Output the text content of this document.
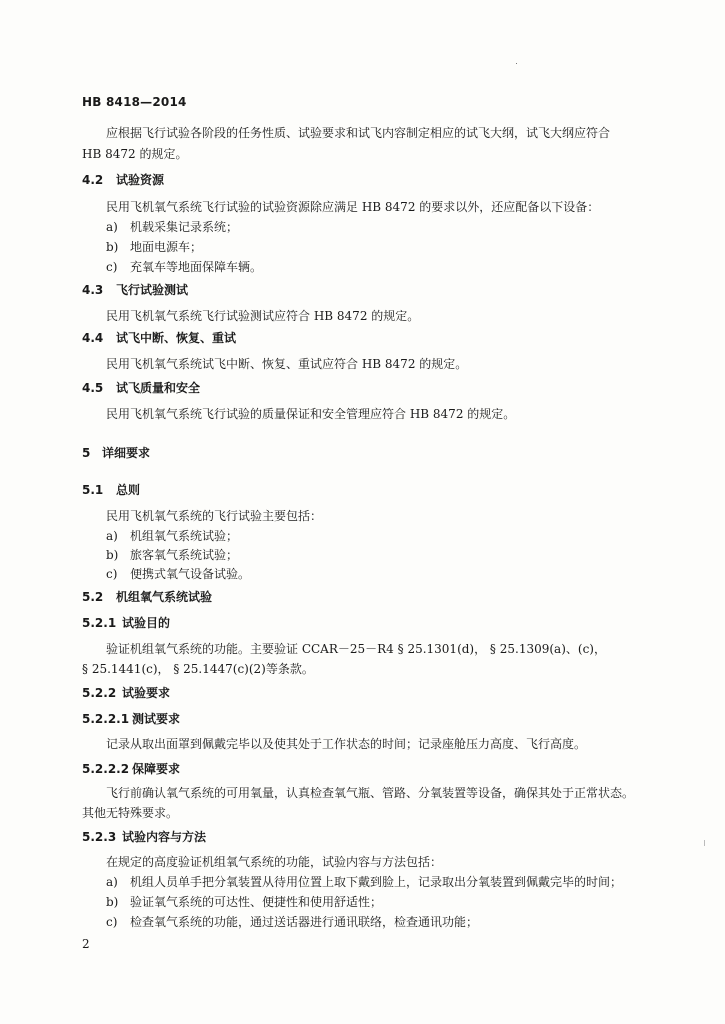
HB 8418—2014
应根据飞行试验各阶段的任务性质、试验要求和试飞内容制定相应的试飞大纲，试飞大纲应符合
HB 8472 的规定。
4.2 试验资源
民用飞机氧气系统飞行试验的试验资源除应满足 HB 8472 的要求以外，还应配备以下设备：
a) 机载采集记录系统；
b) 地面电源车；
c) 充氧车等地面保障车辆。
4.3 飞行试验测试
民用飞机氧气系统飞行试验测试应符合 HB 8472 的规定。
4.4 试飞中断、恢复、重试
民用飞机氧气系统试飞中断、恢复、重试应符合 HB 8472 的规定。
4.5 试飞质量和安全
民用飞机氧气系统飞行试验的质量保证和安全管理应符合 HB 8472 的规定。
5 详细要求
5.1 总则
民用飞机氧气系统的飞行试验主要包括：
a) 机组氧气系统试验；
b) 旅客氧气系统试验；
c) 便携式氧气设备试验。
5.2 机组氧气系统试验
5.2.1 试验目的
验证机组氧气系统的功能。主要验证 CCAR－25－R4 § 25.1301(d)， § 25.1309(a)、(c)，
§ 25.1441(c)， § 25.1447(c)(2)等条款。
5.2.2 试验要求
5.2.2.1 测试要求
记录从取出面罩到佩戴完毕以及使其处于工作状态的时间；记录座舱压力高度、飞行高度。
5.2.2.2 保障要求
飞行前确认氧气系统的可用氧量，认真检查氧气瓶、管路、分氧装置等设备，确保其处于正常状态。
其他无特殊要求。
5.2.3 试验内容与方法
在规定的高度验证机组氧气系统的功能，试验内容与方法包括：
a) 机组人员单手把分氧装置从待用位置上取下戴到脸上，记录取出分氧装置到佩戴完毕的时间；
b) 验证氧气系统的可达性、便捷性和使用舒适性；
c) 检查氧气系统的功能，通过送话器进行通讯联络，检查通讯功能；
2
